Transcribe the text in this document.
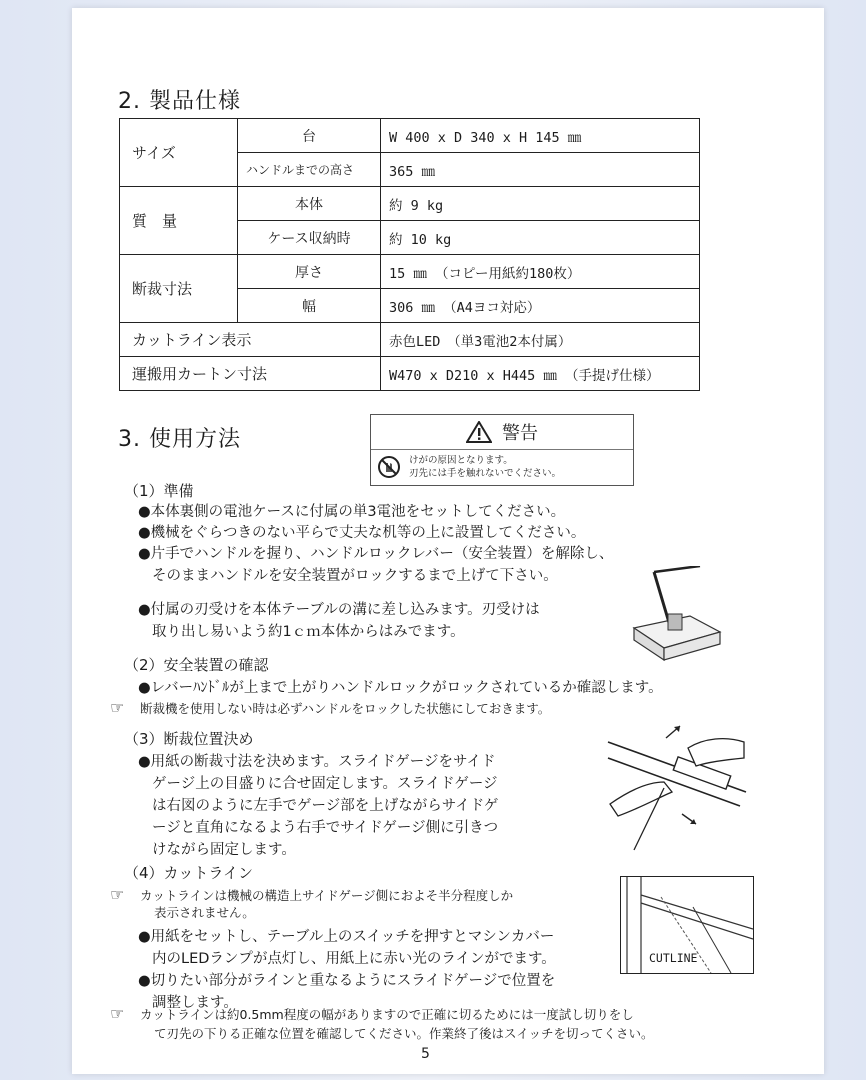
2. 製品仕様
サイズ	台	W 400 x D 340 x H 145 ㎜
	ハンドルまでの高さ	365 ㎜
質　量	本体	約 9 kg
	ケース収納時	約 10 kg
断裁寸法	厚さ	15 ㎜ （コピー用紙約180枚）
	幅	306 ㎜ （A4ヨコ対応）
カットライン表示		赤色LED　（単3電池2本付属）
運搬用カートン寸法		W470 x D210 x H445 ㎜ （手提げ仕様）
3. 使用方法	警告
けがの原因となります。
刃先には手を触れないでください。
（1）準備
●本体裏側の電池ケースに付属の単3電池をセットしてください。
●機械をぐらつきのない平らで丈夫な机等の上に設置してください。
●片手でハンドルを握り、ハンドルロックレバー（安全装置）を解除し、
そのままハンドルを安全装置がロックするまで上げて下さい。
●付属の刃受けを本体テーブルの溝に差し込みます。刃受けは
取り出し易いよう約1ｃｍ本体からはみでます。
（2）安全装置の確認
●レバーﾊﾝﾄﾞﾙが上まで上がりハンドルロックがロックされているか確認します。
☞ 断裁機を使用しない時は必ずハンドルをロックした状態にしておきます。
（3）断裁位置決め
●用紙の断裁寸法を決めます。スライドゲージをサイド
ゲージ上の目盛りに合せ固定します。スライドゲージ
は右図のように左手でゲージ部を上げながらサイドゲ
ージと直角になるよう右手でサイドゲージ側に引きつ
けながら固定します。
（4）カットライン
☞ カットラインは機械の構造上サイドゲージ側におよそ半分程度しか
表示されません。
●用紙をセットし、テーブル上のスイッチを押すとマシンカバー
内のLEDランプが点灯し、用紙上に赤い光のラインがでます。
●切りたい部分がラインと重なるようにスライドゲージで位置を
調整します。
CUTLINE
☞ カットラインは約0.5mm程度の幅がありますので正確に切るためには一度試し切りをし
て刃先の下りる正確な位置を確認してください。作業終了後はスイッチを切ってくさい。
5
